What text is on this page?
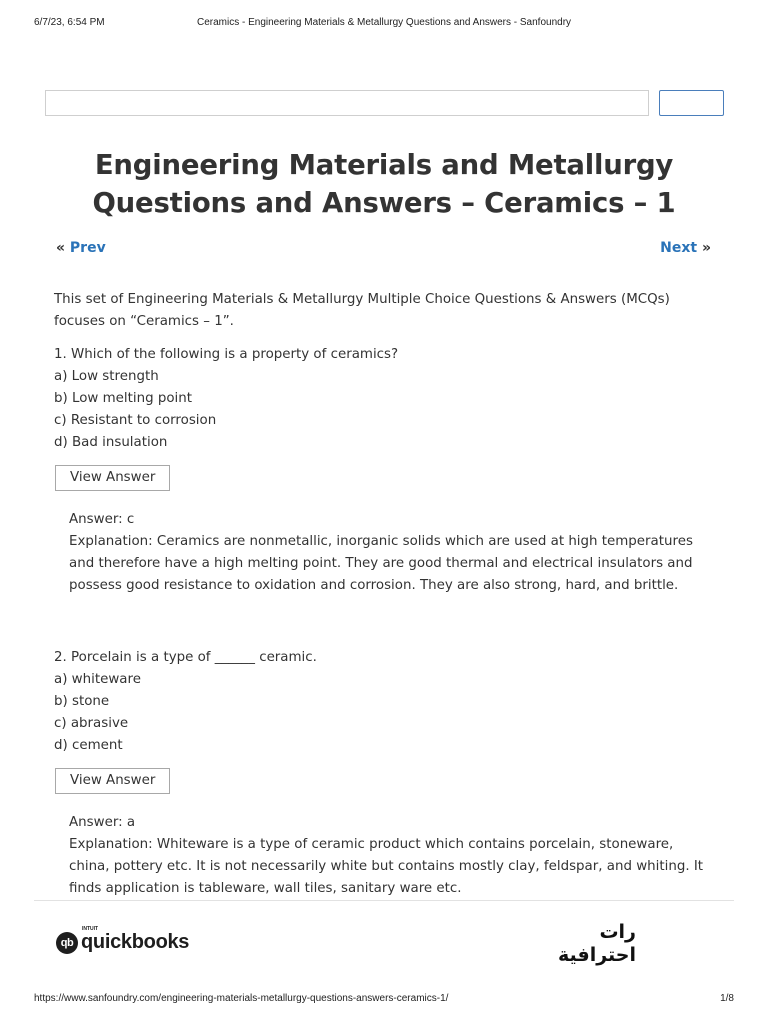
6/7/23, 6:54 PM	Ceramics - Engineering Materials & Metallurgy Questions and Answers - Sanfoundry
Engineering Materials and Metallurgy Questions and Answers – Ceramics – 1
« Prev	Next »

This set of Engineering Materials & Metallurgy Multiple Choice Questions & Answers (MCQs) focuses on “Ceramics – 1”.

1. Which of the following is a property of ceramics?

a) Low strength

b) Low melting point

c) Resistant to corrosion

d) Bad insulation

View Answer

Answer: c

Explanation: Ceramics are nonmetallic, inorganic solids which are used at high temperatures and therefore have a high melting point. They are good thermal and electrical insulators and possess good resistance to oxidation and corrosion. They are also strong, hard, and brittle.

2. Porcelain is a type of ______ ceramic.

a) whiteware

b) stone

c) abrasive

d) cement

View Answer

Answer: a

Explanation: Whiteware is a type of ceramic product which contains porcelain, stoneware, china, pottery etc. It is not necessarily white but contains mostly clay, feldspar, and whiting. It finds application is tableware, wall tiles, sanitary ware etc.

qb
INTUIT
quickbooks	رات
احترافية
https://www.sanfoundry.com/engineering-materials-metallurgy-questions-answers-ceramics-1/	1/8
